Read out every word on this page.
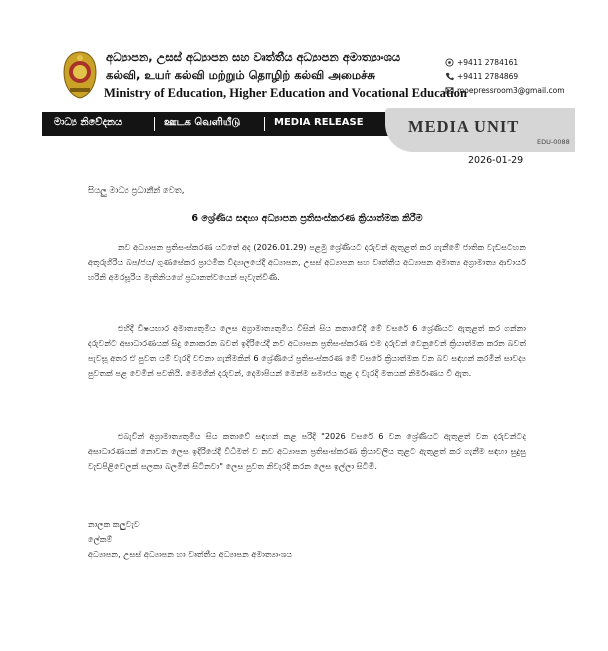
අධ්‍යාපන, උසස් අධ්‍යාපන සහ වෘත්තීය අධ්‍යාපන අමාත්‍යාංශය
கல்வி, உயர் கல்வி மற்றும் தொழிற் கல்வி அமைச்சு
Ministry of Education, Higher Education and Vocational Education
+9411 2784161
+9411 2784869
moepressroom3@gmail.com
මාධ්‍ය නිවේදනය	ஊடக வெளியீடு	MEDIA RELEASE	MEDIA UNIT
EDU-0088
2026-01-29
සියලු මාධ්‍ය ප්‍රධානීන් වෙත,
6 ශ්‍රේණිය සඳහා අධ්‍යාපන ප්‍රතිසංස්කරණ ක්‍රියාත්මක කිරීම

නව අධ්‍යාපන ප්‍රතිසංස්කරණ යටතේ අද (2026.01.29) පළමු ශ්‍රේණියට දරුවන් ඇතුළත් කර ගැනීමේ ජාතික වැඩසටහන අතුරුගිරිය බප/ජය/ ගුණසේකර ප්‍රාථමික විද්‍යාලයේදී අධ්‍යාපන, උසස් අධ්‍යාපන සහ වෘත්තීය අධ්‍යාපන අමාත්‍ය අග්‍රාමාත්‍ය ආචාර්ය හරිනි අමරසූරිය මැතිනියගේ ප්‍රධානත්වයෙන් පැවැත්විණි.

එහිදී විෂයභාර අමාත්‍යතුමිය ලෙස අග්‍රාමාත්‍යතුමිය විසින් සිය කතාවේදී මේ වසරේ 6 ශ්‍රේණියට ඇතුළත් කර ගන්නා දරුවන්ට අසාධාරණයක් සිදු නොකරන බවත් ඉදිරියේදී නව අධ්‍යාපන ප්‍රතිසංස්කරණ එම දරුවන් වෙනුවෙන් ක්‍රියාත්මක කරන බවත් පැවසූ අතර ඒ පුවත යම් වැරදි වචනා ගැනීමකින් 6 ශ්‍රේණියේ ප්‍රතිසංස්කරණ මේ වසරේ ක්‍රියාත්මක වන බව සඳහන් කරමින් සාවද්‍ය පුවතක් පළ වෙමින් පවතියි. මෙමගින් දරුවන්, දෙමාපියන් මෙන්ම සමාජය තුළ ද වැරදි මතයක් නිර්මාණය වී ඇත.

එබැවින් අග්‍රාමාත්‍යතුමිය සිය කතාවේ සඳහන් කළ පරිදි "2026 වසරේ 6 වන ශ්‍රේණියට ඇතුළත් වන දරුවන්ටද අසාධාරණයක් නොවන ලෙස ඉදිරියේදී විධිමත් ව නව අධ්‍යාපන ප්‍රතිසංස්කරණ ක්‍රියාවලිය තුළට ඇතුළත් කර ගැනීම සඳහා සුදුසු වැඩපිළිවෙලක් සලකා බලමින් සිටිනවා" ලෙස පුවත නිවැරදි කරන ලෙස ඉල්ලා සිටිමි.

නාලක කලුවැව
ලේකම්
අධ්‍යාපන, උසස් අධ්‍යාපන හා වෘත්තීය අධ්‍යාපන අමාත්‍යාංශය
